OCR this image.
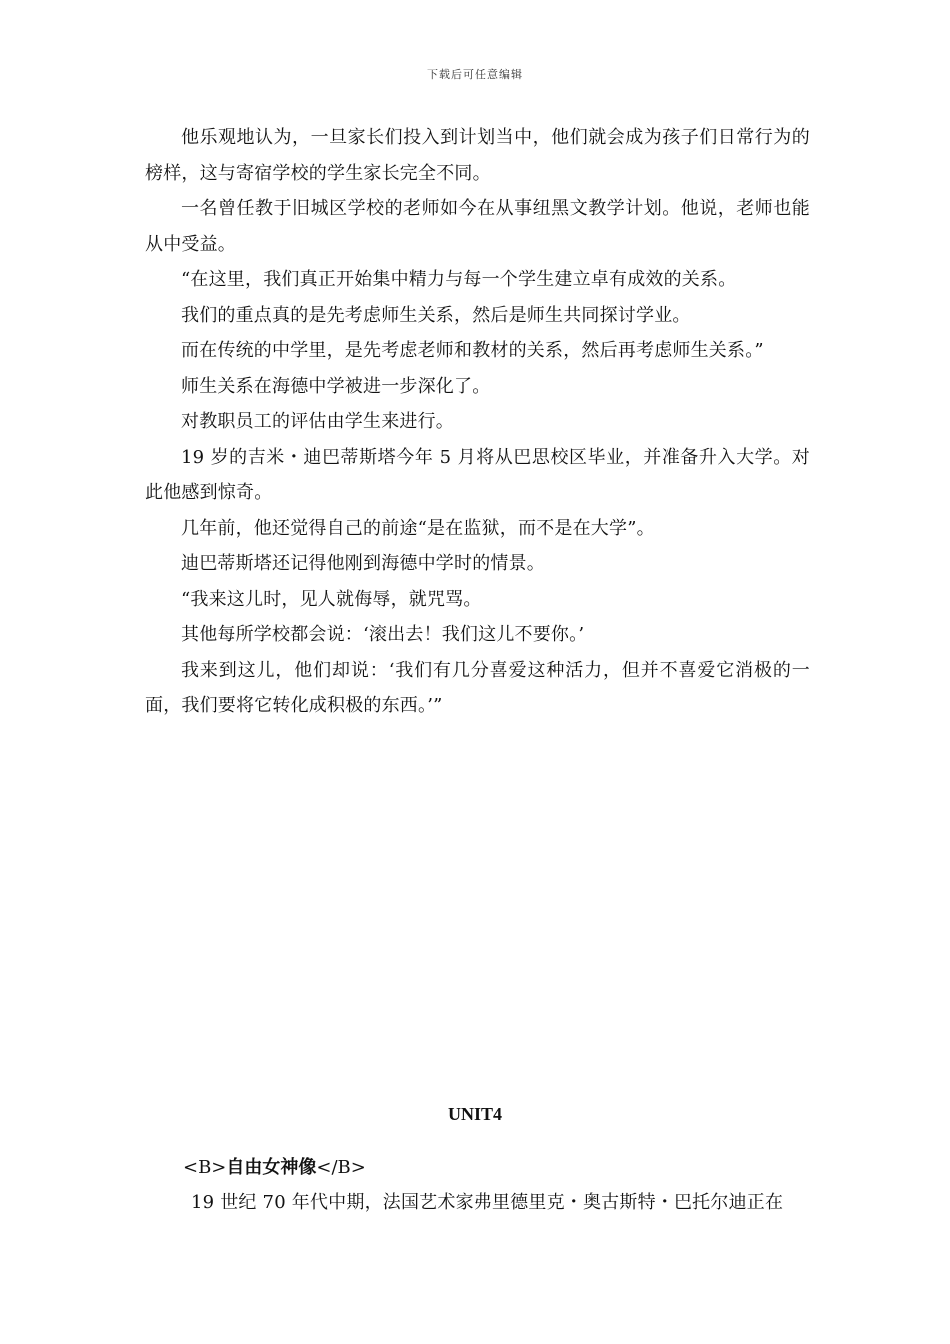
下载后可任意编辑

他乐观地认为，一旦家长们投入到计划当中，他们就会成为孩子们日常行为的榜样，这与寄宿学校的学生家长完全不同。

一名曾任教于旧城区学校的老师如今在从事纽黑文教学计划。他说，老师也能从中受益。

“在这里，我们真正开始集中精力与每一个学生建立卓有成效的关系。

我们的重点真的是先考虑师生关系，然后是师生共同探讨学业。

而在传统的中学里，是先考虑老师和教材的关系，然后再考虑师生关系。”

师生关系在海德中学被进一步深化了。

对教职员工的评估由学生来进行。

19 岁的吉米・迪巴蒂斯塔今年 5 月将从巴思校区毕业，并准备升入大学。对此他感到惊奇。

几年前，他还觉得自己的前途“是在监狱，而不是在大学”。

迪巴蒂斯塔还记得他刚到海德中学时的情景。

“我来这儿时，见人就侮辱，就咒骂。

其他每所学校都会说：‘滚出去！我们这儿不要你。’

我来到这儿，他们却说：‘我们有几分喜爱这种活力，但并不喜爱它消极的一面，我们要将它转化成积极的东西。’”

UNIT4
<B>自由女神像</B>

19 世纪 70 年代中期，法国艺术家弗里德里克・奥古斯特・巴托尔迪正在
